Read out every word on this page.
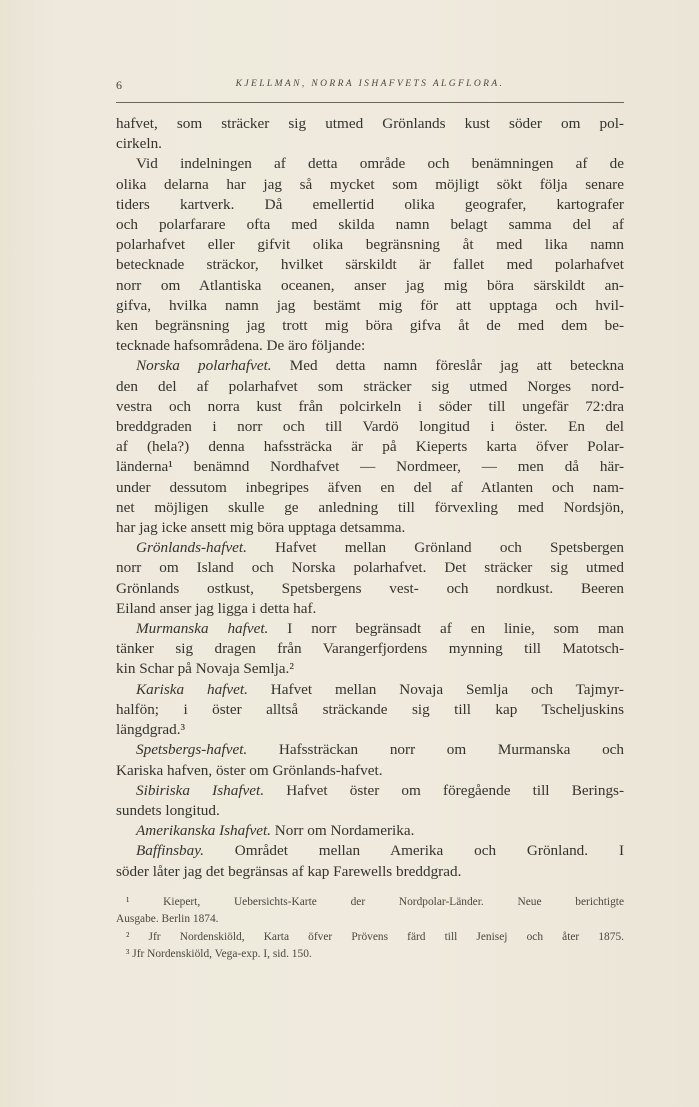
6	KJELLMAN, NORRA ISHAFVETS ALGFLORA.
hafvet, som sträcker sig utmed Grönlands kust söder om pol-
cirkeln.
Vid indelningen af detta område och benämningen af de
olika delarna har jag så mycket som möjligt sökt följa senare
tiders kartverk. Då emellertid olika geografer, kartografer
och polarfarare ofta med skilda namn belagt samma del af
polarhafvet eller gifvit olika begränsning åt med lika namn
betecknade sträckor, hvilket särskildt är fallet med polarhafvet
norr om Atlantiska oceanen, anser jag mig böra särskildt an-
gifva, hvilka namn jag bestämt mig för att upptaga och hvil-
ken begränsning jag trott mig böra gifva åt de med dem be-
tecknade hafsområdena. De äro följande:
Norska polarhafvet. Med detta namn föreslår jag att beteckna
den del af polarhafvet som sträcker sig utmed Norges nord-
vestra och norra kust från polcirkeln i söder till ungefär 72:dra
breddgraden i norr och till Vardö longitud i öster. En del
af (hela?) denna hafssträcka är på Kieperts karta öfver Polar-
länderna¹ benämnd Nordhafvet — Nordmeer, — men då här-
under dessutom inbegripes äfven en del af Atlanten och nam-
net möjligen skulle ge anledning till förvexling med Nordsjön,
har jag icke ansett mig böra upptaga detsamma.
Grönlands-hafvet. Hafvet mellan Grönland och Spetsbergen
norr om Island och Norska polarhafvet. Det sträcker sig utmed
Grönlands ostkust, Spetsbergens vest- och nordkust. Beeren
Eiland anser jag ligga i detta haf.
Murmanska hafvet. I norr begränsadt af en linie, som man
tänker sig dragen från Varangerfjordens mynning till Matotsch-
kin Schar på Novaja Semlja.²
Kariska hafvet. Hafvet mellan Novaja Semlja och Tajmyr-
halfön; i öster alltså sträckande sig till kap Tscheljuskins
längdgrad.³
Spetsbergs-hafvet. Hafssträckan norr om Murmanska och
Kariska hafven, öster om Grönlands-hafvet.
Sibiriska Ishafvet. Hafvet öster om föregående till Berings-
sundets longitud.
Amerikanska Ishafvet. Norr om Nordamerika.
Baffinsbay. Området mellan Amerika och Grönland. I
söder låter jag det begränsas af kap Farewells breddgrad.
¹ Kiepert, Uebersichts-Karte der Nordpolar-Länder. Neue berichtigte
Ausgabe. Berlin 1874.
² Jfr Nordenskiöld, Karta öfver Prövens färd till Jenisej och åter 1875.
³ Jfr Nordenskiöld, Vega-exp. I, sid. 150.
